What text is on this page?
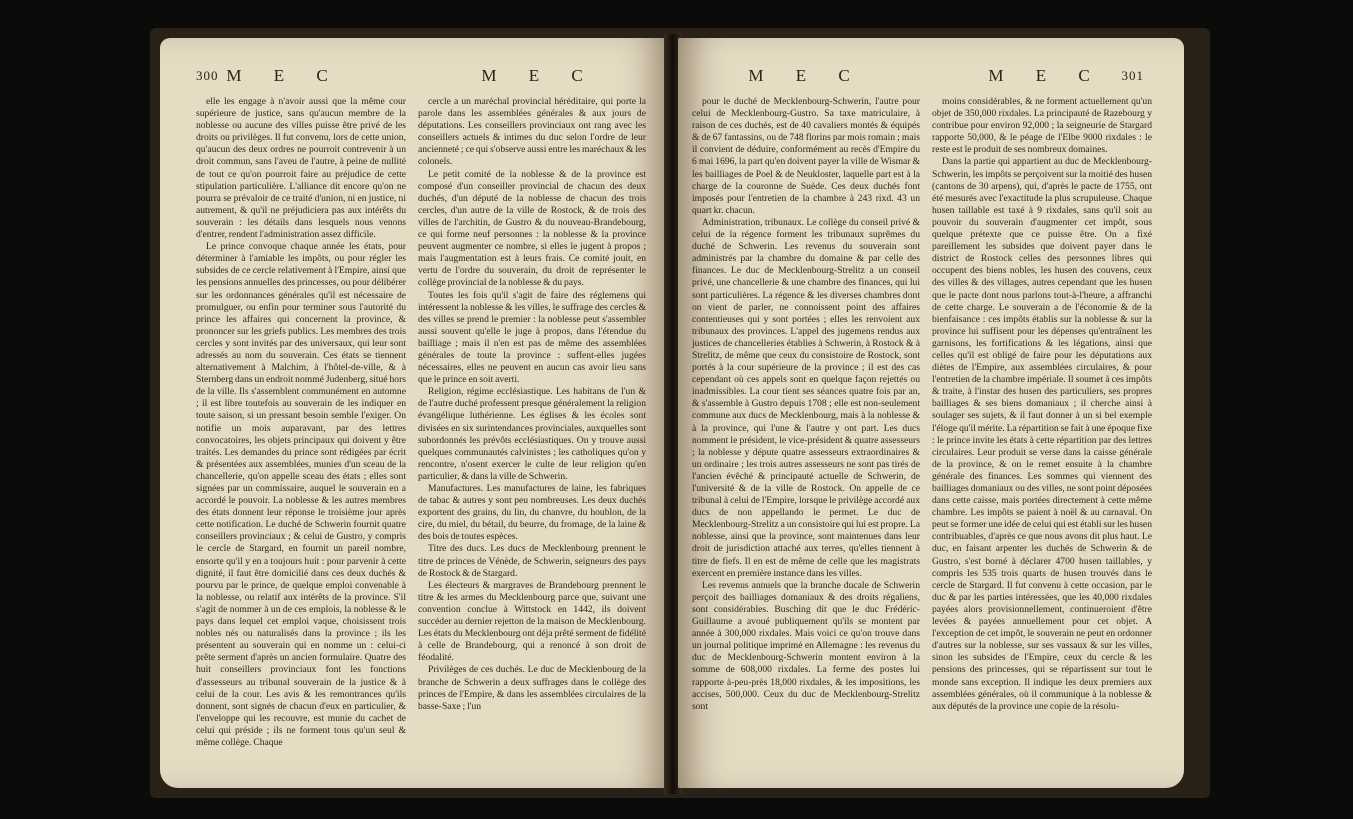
300 M E C	M E C

elle les engage à n'avoir aussi que la même cour supérieure de justice, sans qu'aucun membre de la noblesse ou aucune des villes puisse être privé de les droits ou privilèges. Il fut convenu, lors de cette union, qu'aucun des deux ordres ne pourroit contrevenir à un droit commun, sans l'aveu de l'autre, à peine de nullité de tout ce qu'on pourroit faire au préjudice de cette stipulation particulière. L'alliance dit encore qu'on ne pourra se prévaloir de ce traité d'union, ni en justice, ni autrement, & qu'il ne préjudiciera pas aux intérêts du souverain : les détails dans lesquels nous venons d'entrer, rendent l'administration assez difficile.

Le prince convoque chaque année les états, pour déterminer à l'amiable les impôts, ou pour régler les subsides de ce cercle relativement à l'Empire, ainsi que les pensions annuelles des princesses, ou pour délibérer sur les ordonnances générales qu'il est nécessaire de promulguer, ou enfin pour terminer sous l'autorité du prince les affaires qui concernent la province, & prononcer sur les griefs publics. Les membres des trois cercles y sont invités par des universaux, qui leur sont adressés au nom du souverain. Ces états se tiennent alternativement à Malchim, à l'hôtel-de-ville, & à Sternberg dans un endroit nommé Judenberg, situé hors de la ville. Ils s'assemblent communément en automne ; il est libre toutefois au souverain de les indiquer en toute saison, si un pressant besoin semble l'exiger. On notifie un mois auparavant, par des lettres convocatoires, les objets principaux qui doivent y être traités. Les demandes du prince sont rédigées par écrit & présentées aux assemblées, munies d'un sceau de la chancellerie, qu'on appelle sceau des états ; elles sont signées par un commissaire, auquel le souverain en a accordé le pouvoir. La noblesse & les autres membres des états donnent leur réponse le troisième jour après cette notification. Le duché de Schwerin fournit quatre conseillers provinciaux ; & celui de Gustro, y compris le cercle de Stargard, en fournit un pareil nombre, ensorte qu'il y en a toujours huit : pour parvenir à cette dignité, il faut être domicilié dans ces deux duchés & pourvu par le prince, de quelque emploi convenable à la noblesse, ou relatif aux intérêts de la province. S'il s'agit de nommer à un de ces emplois, la noblesse & le pays dans lequel cet emploi vaque, choisissent trois nobles nés ou naturalisés dans la province ; ils les présentent au souverain qui en nomme un : celui-ci prête serment d'après un ancien formulaire. Quatre des huit conseillers provinciaux font les fonctions d'assesseurs au tribunal souverain de la justice & à celui de la cour. Les avis & les remontrances qu'ils donnent, sont signés de chacun d'eux en particulier, & l'enveloppe qui les recouvre, est munie du cachet de celui qui préside ; ils ne forment tous qu'un seul & même collège. Chaque

cercle a un maréchal provincial héréditaire, qui porte la parole dans les assemblées générales & aux jours de députations. Les conseillers provinciaux ont rang avec les conseillers actuels & intimes du duc selon l'ordre de leur ancienneté ; ce qui s'observe aussi entre les maréchaux & les colonels.

Le petit comité de la noblesse & de la province est composé d'un conseiller provincial de chacun des deux duchés, d'un député de la noblesse de chacun des trois cercles, d'un autre de la ville de Rostock, & de trois des villes de l'architin, de Gustro & du nouveau-Brandebourg, ce qui forme neuf personnes : la noblesse & la province peuvent augmenter ce nombre, si elles le jugent à propos ; mais l'augmentation est à leurs frais. Ce comité jouit, en vertu de l'ordre du souverain, du droit de représenter le collège provincial de la noblesse & du pays.

Toutes les fois qu'il s'agit de faire des réglemens qui intéressent la noblesse & les villes, le suffrage des cercles & des villes se prend le premier : la noblesse peut s'assembler aussi souvent qu'elle le juge à propos, dans l'étendue du bailliage ; mais il n'en est pas de même des assemblées générales de toute la province : suffent-elles jugées nécessaires, elles ne peuvent en aucun cas avoir lieu sans que le prince en soit averti.

Religion, régime ecclésiastique. Les habitans de l'un & de l'autre duché professent presque généralement la religion évangélique luthérienne. Les églises & les écoles sont divisées en six surintendances provinciales, auxquelles sont subordonnés les prévôts ecclésiastiques. On y trouve aussi quelques communautés calvinistes ; les catholiques qu'on y rencontre, n'osent exercer le culte de leur religion qu'en particulier, & dans la ville de Schwerin.

Manufactures. Les manufactures de laine, les fabriques de tabac & autres y sont peu nombreuses. Les deux duchés exportent des grains, du lin, du chanvre, du houblon, de la cire, du miel, du bétail, du beurre, du fromage, de la laine & des bois de toutes espèces.

Titre des ducs. Les ducs de Mecklenbourg prennent le titre de princes de Vénède, de Schwerin, seigneurs des pays de Rostock & de Stargard.

Les électeurs & margraves de Brandebourg prennent le titre & les armes du Mecklenbourg parce que, suivant une convention conclue à Wittstock en 1442, ils doivent succéder au dernier rejetton de la maison de Mecklenbourg. Les états du Mecklenbourg ont déja prêté serment de fidélité à celle de Brandebourg, qui a renoncé à son droit de féodalité.

Privilèges de ces duchés. Le duc de Mecklenbourg de la branche de Schwerin a deux suffrages dans le collège des princes de l'Empire, & dans les assemblées circulaires de la basse-Saxe ; l'un

M E C	M E C	301

pour le duché de Mecklenbourg-Schwerin, l'autre pour celui de Mecklenbourg-Gustro. Sa taxe matriculaire, à raison de ces duchés, est de 40 cavaliers montés & équipés & de 67 fantassins, ou de 748 florins par mois romain ; mais il convient de déduire, conformément au recès d'Empire du 6 mai 1696, la part qu'en doivent payer la ville de Wismar & les bailliages de Poel & de Neukloster, laquelle part est à la charge de la couronne de Suède. Ces deux duchés font imposés pour l'entretien de la chambre à 243 rixd. 43 un quart kr. chacun.

Administration, tribunaux. Le collège du conseil privé & celui de la régence forment les tribunaux suprêmes du duché de Schwerin. Les revenus du souverain sont administrés par la chambre du domaine & par celle des finances. Le duc de Mecklenbourg-Strelitz a un conseil privé, une chancellerie & une chambre des finances, qui lui sont particulières. La régence & les diverses chambres dont on vient de parler, ne connoissent point des affaires contentieuses qui y sont portées ; elles les renvoient aux tribunaux des provinces. L'appel des jugemens rendus aux justices de chancelleries établies à Schwerin, à Rostock & à Strelitz, de même que ceux du consistoire de Rostock, sont portés à la cour supérieure de la province ; il est des cas cependant où ces appels sont en quelque façon rejettés ou inadmissibles. La cour tient ses séances quatre fois par an, & s'assemble à Gustro depuis 1708 ; elle est non-seulement commune aux ducs de Mecklenbourg, mais à la noblesse & à la province, qui l'une & l'autre y ont part. Les ducs nomment le président, le vice-président & quatre assesseurs ; la noblesse y députe quatre assesseurs extraordinaires & un ordinaire ; les trois autres assesseurs ne sont pas tirés de l'ancien évêché & principauté actuelle de Schwerin, de l'université & de la ville de Rostock. On appelle de ce tribunal à celui de l'Empire, lorsque le privilège accordé aux ducs de non appellando le permet. Le duc de Mecklenbourg-Strelitz a un consistoire qui lui est propre. La noblesse, ainsi que la province, sont maintenues dans leur droit de jurisdiction attaché aux terres, qu'elles tiennent à titre de fiefs. Il en est de même de celle que les magistrats exercent en première instance dans les villes.

Les revenus annuels que la branche ducale de Schwerin perçoit des bailliages domaniaux & des droits régaliens, sont considérables. Busching dit que le duc Frédéric-Guillaume a avoué publiquement qu'ils se montent par année à 300,000 rixdales. Mais voici ce qu'on trouve dans un journal politique imprimé en Allemagne : les revenus du duc de Mecklenbourg-Schwerin montent environ à la somme de 608,000 rixdales. La ferme des postes lui rapporte à-peu-près 18,000 rixdales, & les impositions, les accises, 500,000. Ceux du duc de Mecklenbourg-Strelitz sont

moins considérables, & ne forment actuellement qu'un objet de 350,000 rixdales. La principauté de Razebourg y contribue pour environ 92,000 ; la seigneurie de Stargard rapporte 50,000, & le péage de l'Elbe 9000 rixdales : le reste est le produit de ses nombreux domaines.

Dans la partie qui appartient au duc de Mecklenbourg-Schwerin, les impôts se perçoivent sur la moitié des husen (cantons de 30 arpens), qui, d'après le pacte de 1755, ont été mesurés avec l'exactitude la plus scrupuleuse. Chaque husen taillable est taxé à 9 rixdales, sans qu'il soit au pouvoir du souverain d'augmenter cet impôt, sous quelque prétexte que ce puisse être. On a fixé pareillement les subsides que doivent payer dans le district de Rostock celles des personnes libres qui occupent des biens nobles, les husen des couvens, ceux des villes & des villages, autres cependant que les husen que le pacte dont nous parlons tout-à-l'heure, a affranchi de cette charge. Le souverain a de l'économie & de la bienfaisance : ces impôts établis sur la noblesse & sur la province lui suffisent pour les dépenses qu'entraînent les garnisons, les fortifications & les légations, ainsi que celles qu'il est obligé de faire pour les députations aux diètes de l'Empire, aux assemblées circulaires, & pour l'entretien de la chambre impériale. Il soumet à ces impôts & traite, à l'instar des husen des particuliers, ses propres bailliages & ses biens domaniaux ; il cherche ainsi à soulager ses sujets, & il faut donner à un si bel exemple l'éloge qu'il mérite. La répartition se fait à une époque fixe : le prince invite les états à cette répartition par des lettres circulaires. Leur produit se verse dans la caisse générale de la province, & on le remet ensuite à la chambre générale des finances. Les sommes qui viennent des bailliages domaniaux ou des villes, ne sont point déposées dans cette caisse, mais portées directement à cette même chambre. Les impôts se paient à noël & au carnaval. On peut se former une idée de celui qui est établi sur les husen contribuables, d'après ce que nous avons dit plus haut. Le duc, en faisant arpenter les duchés de Schwerin & de Gustro, s'est borné à déclarer 4700 husen taillables, y compris les 535 trois quarts de husen trouvés dans le cercle de Stargard. Il fut convenu à cette occasion, par le duc & par les parties intéressées, que les 40,000 rixdales payées alors provisionnellement, continueroient d'être levées & payées annuellement pour cet objet. A l'exception de cet impôt, le souverain ne peut en ordonner d'autres sur la noblesse, sur ses vassaux & sur les villes, sinon les subsides de l'Empire, ceux du cercle & les pensions des princesses, qui se répartissent sur tout le monde sans exception. Il indique les deux premiers aux assemblées générales, où il communique à la noblesse & aux députés de la province une copie de la résolu-
